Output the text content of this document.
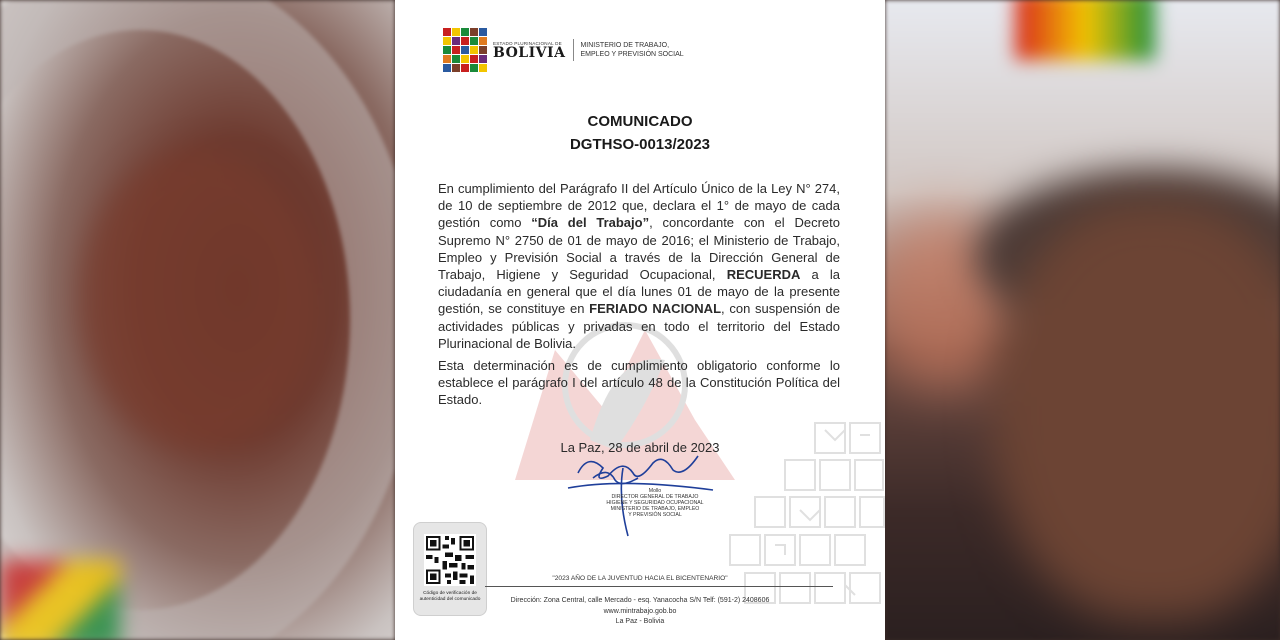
ESTADO PLURINACIONAL DE
BOLIVIA MINISTERIO DE TRABAJO,
EMPLEO Y PREVISIÓN SOCIAL
COMUNICADO
DGTHSO-0013/2023

En cumplimiento del Parágrafo II del Artículo Único de la Ley N° 274, de 10 de septiembre de 2012 que, declara el 1° de mayo de cada gestión como “Día del Trabajo”, concordante con el Decreto Supremo N° 2750 de 01 de mayo de 2016; el Ministerio de Trabajo, Empleo y Previsión Social a través de la Dirección General de Trabajo, Higiene y Seguridad Ocupacional, RECUERDA a la ciudadanía en general que el día lunes 01 de mayo de la presente gestión, se constituye en FERIADO NACIONAL, con suspensión de actividades públicas y privadas en todo el territorio del Estado Plurinacional de Bolivia.

Esta determinación es de cumplimiento obligatorio conforme lo establece el parágrafo I del artículo 48 de la Constitución Política del Estado.

La Paz, 28 de abril de 2023
Mollo
DIRECTOR GENERAL DE TRABAJO
HIGIENE Y SEGURIDAD OCUPACIONAL
MINISTERIO DE TRABAJO, EMPLEO
Y PREVISIÓN SOCIAL
Código de verificación de autenticidad del comunicado
"2023 AÑO DE LA JUVENTUD HACIA EL BICENTENARIO"
Dirección: Zona Central, calle Mercado - esq. Yanacocha S/N Telf: (591-2) 2408606
www.mintrabajo.gob.bo
La Paz - Bolivia
